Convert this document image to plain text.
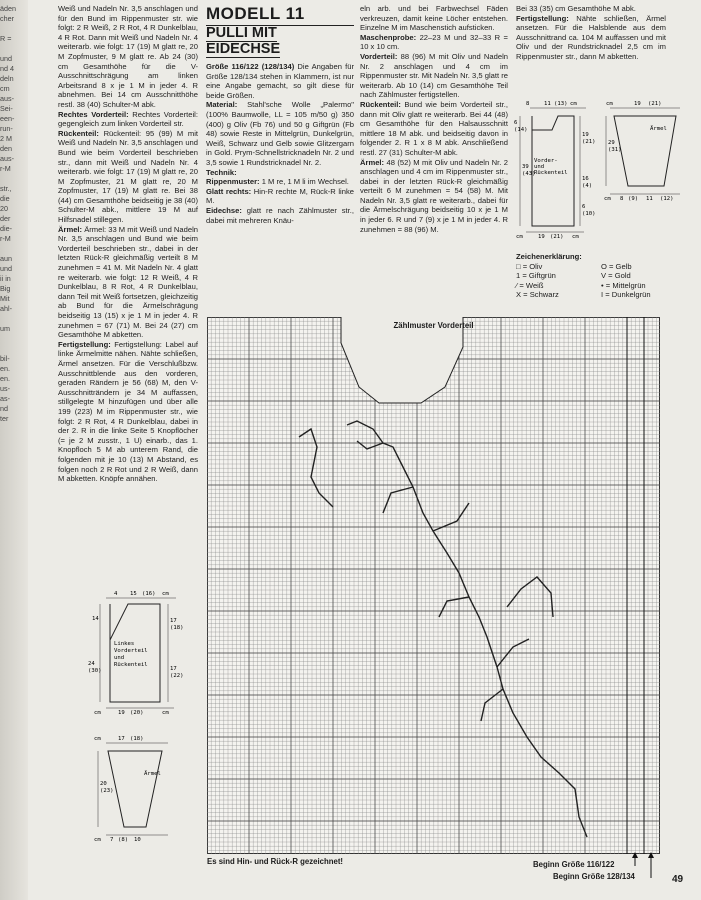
äden
cher

R =

und
nd 4
deln
cm
aus-
Sei-
een-
run-
2 M
den
aus-
r-M

str.,
die
20
der
die-
r-M

aun
und
ii in
Big
Mit
ahl-

um

bil-
en.
en.
us-
as-
nd
ter

Weiß und Nadeln Nr. 3,5 anschlagen und für den Bund im Rippenmuster str. wie folgt: 2 R Weiß, 2 R Rot, 4 R Dunkelblau, 4 R Rot. Dann mit Weiß und Nadeln Nr. 4 weiterarb. wie folgt: 17 (19) M glatt re, 20 M Zopfmuster, 9 M glatt re. Ab 24 (30) cm Gesamthöhe für die V-Ausschnittschrägung am linken Arbeitsrand 8 x je 1 M in jeder 4. R abnehmen. Bei 14 cm Ausschnitthöhe restl. 38 (40) Schulter-M abk.

Rechtes Vorderteil: Rechtes Vorderteil: gegengleich zum linken Vorderteil str.

Rückenteil: Rückenteil: 95 (99) M mit Weiß und Nadeln Nr. 3,5 anschlagen und Bund wie beim Vorderteil beschrieben str., dann mit Weiß und Nadeln Nr. 4 weiterarb. wie folgt: 17 (19) M glatt re, 20 M Zopfmuster, 21 M glatt re, 20 M Zopfmuster, 17 (19) M glatt re. Bei 38 (44) cm Gesamthöhe beidseitig je 38 (40) Schulter-M abk., mittlere 19 M auf Hilfsnadel stillegen.

Ärmel: Ärmel: 33 M mit Weiß und Nadeln Nr. 3,5 anschlagen und Bund wie beim Vorderteil beschrieben str., dabei in der letzten Rück-R gleichmäßig verteilt 8 M zunehmen = 41 M. Mit Nadeln Nr. 4 glatt re weiterarb. wie folgt: 12 R Weiß, 4 R Dunkelblau, 8 R Rot, 4 R Dunkelblau, dann Teil mit Weiß fortsetzen, gleichzeitig ab Bund für die Ärmelschrägung beidseitig 13 (15) x je 1 M in jeder 4. R zunehmen = 67 (71) M. Bei 24 (27) cm Gesamthöhe M abketten.

Fertigstellung: Fertigstellung: Label auf linke Ärmelmitte nähen. Nähte schließen, Ärmel ansetzen. Für die Verschlußbzw. Ausschnittblende aus den vorderen, geraden Rändern je 56 (68) M, den V-Ausschnitträndern je 34 M auffassen, stillgelegte M hinzufügen und über alle 199 (223) M im Rippenmuster str., wie folgt: 2 R Rot, 4 R Dunkelblau, dabei in der 2. R in die linke Seite 5 Knopflöcher (= je 2 M zusstr., 1 U) einarb., das 1. Knopfloch 5 M ab unterem Rand, die folgenden mit je 10 (13) M Abstand, es folgen noch 2 R Rot und 2 R Weiß, dann M abketten. Knöpfe annähen.

4 15 (16) cm
14	17
(18)
17
(22)
24
(30)
Linkes
Vorderteil
und
Rückenteil
cm	19 (20)	cm
cm	17 (18)
20
(23)
Ärmel
cm 7 (8) 10
MODELL 11
PULLI MIT
EIDECHSE

Größe 116/122 (128/134) Die Angaben für Größe 128/134 stehen in Klammern, ist nur eine Angabe gemacht, so gilt diese für beide Größen.

Material: Stahl'sche Wolle „Palermo" (100% Baumwolle, LL = 105 m/50 g) 350 (400) g Oliv (Fb 76) und 50 g Giftgrün (Fb 48) sowie Reste in Mittelgrün, Dunkelgrün, Weiß, Schwarz und Gelb sowie Glitzergarn in Gold. Prym-Schnellstricknadeln Nr. 2 und 3,5 sowie 1 Rundstricknadel Nr. 2.

Technik:

Rippenmuster: 1 M re, 1 M li im Wechsel.

Glatt rechts: Hin-R rechte M, Rück-R linke M.

Eidechse: glatt re nach Zählmuster str., dabei mit mehreren Knäu-

eln arb. und bei Farbwechsel Fäden verkreuzen, damit keine Löcher entstehen. Einzelne M im Maschenstich aufsticken.

Maschenprobe: 22–23 M und 32–33 R = 10 x 10 cm.

Vorderteil: 88 (96) M mit Oliv und Nadeln Nr. 2 anschlagen und 4 cm im Rippenmuster str. Mit Nadeln Nr. 3,5 glatt re weiterarb. Ab 10 (14) cm Gesamthöhe Teil nach Zählmuster fertigstellen.

Rückenteil: Bund wie beim Vorderteil str., dann mit Oliv glatt re weiterarb. Bei 44 (48) cm Gesamthöhe für den Halsausschnitt mittlere 18 M abk. und beidseitig davon in folgender 2. R 1 x 8 M abk. Anschließend restl. 27 (31) Schulter-M abk.

Ärmel: 48 (52) M mit Oliv und Nadeln Nr. 2 anschlagen und 4 cm im Rippenmuster str., dabei in der letzten Rück-R gleichmäßig verteilt 6 M zunehmen = 54 (58) M. Mit Nadeln Nr. 3,5 glatt re weiterarb., dabei für die Ärmelschrägung beidseitig 10 x je 1 M in jeder 6. R und 7 (9) x je 1 M in jeder 4. R zunehmen = 88 (96) M.

Bei 33 (35) cm Gesamthöhe M abk.

Fertigstellung: Nähte schließen, Ärmel ansetzen. Für die Halsblende aus dem Ausschnittrand ca. 104 M auffassen und mit Oliv und der Rundstricknadel 2,5 cm im Rippenmuster str., dann M abketten.

8	11 (13) cm
6
(14)
19
(21)
16
(4)
6
(10)
Vorder-
und
Rückenteil
39
(43)
cm	19 (21) cm
cm	19 (21)
29
(31)
Ärmel
cm 8 (9) 11 (12)
Zeichenerklärung:
□ = Oliv	O = Gelb
1 = Giftgrün	V = Gold
⁄ = Weiß	• = Mittelgrün
X = Schwarz	I = Dunkelgrün
Zählmuster Vorderteil
Es sind Hin- und Rück-R gezeichnet!	Beginn Größe 116/122
Beginn Größe 128/134	49
